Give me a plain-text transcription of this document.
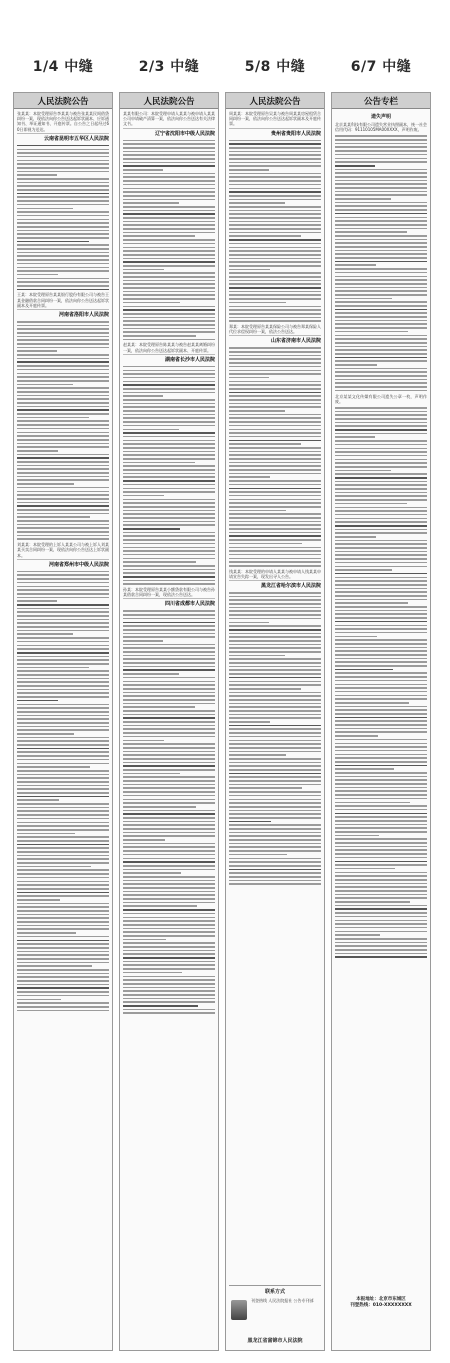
1/4 中缝	2/3 中缝	5/8 中缝	6/7 中缝
人民法院公告
张某某：本院受理原告李某某与被告张某某民间借贷纠纷一案，现依法向你公告送达起诉状副本、应诉通知书、举证通知书、开庭传票。自公告之日起经过60日即视为送达。
云南省昆明市五华区人民法院
王某：本院受理原告某某银行股份有限公司与被告王某金融借款合同纠纷一案，依法向你公告送达起诉状副本及开庭传票。
河南省洛阳市人民法院
刘某某：本院受理的上诉人某某公司与被上诉人刘某某买卖合同纠纷一案，现依法向你公告送达上诉状副本。
河南省郑州市中级人民法院
人民法院公告
某某有限公司：本院受理申请人某某与被申请人某某公司申请破产清算一案，依法向你公告送达有关法律文书。
辽宁省沈阳市中级人民法院
赵某某：本院受理原告陈某某与被告赵某某离婚纠纷一案，依法向你公告送达起诉状副本、开庭传票。
湖南省长沙市人民法院
孙某：本院受理原告某某小额贷款有限公司与被告孙某借款合同纠纷一案，现依法公告送达。
四川省成都市人民法院
人民法院公告
周某某：本院受理原告吴某与被告周某某房屋租赁合同纠纷一案，依法向你公告送达起诉状副本及开庭传票。
贵州省贵阳市人民法院
郑某：本院受理原告某某保险公司与被告郑某保险人代位求偿权纠纷一案，依法公告送达。
山东省济南市人民法院
钱某某：本院受理的申请人某某与被申请人钱某某申请宣告失踪一案，现发出寻人公告。
黑龙江省哈尔滨市人民法院
联系方式
刊登热线 人民法院报社 公告专刊部
黑龙江省富锦市人民法院
公告专栏
遗失声明
北京某某科技有限公司遗失营业执照副本，统一社会信用代码：91110105MA00XXXX，声明作废。
北京某某文化传媒有限公司遗失公章一枚，声明作废。
本报地址：北京市东城区
刊登热线：010-XXXXXXXX
